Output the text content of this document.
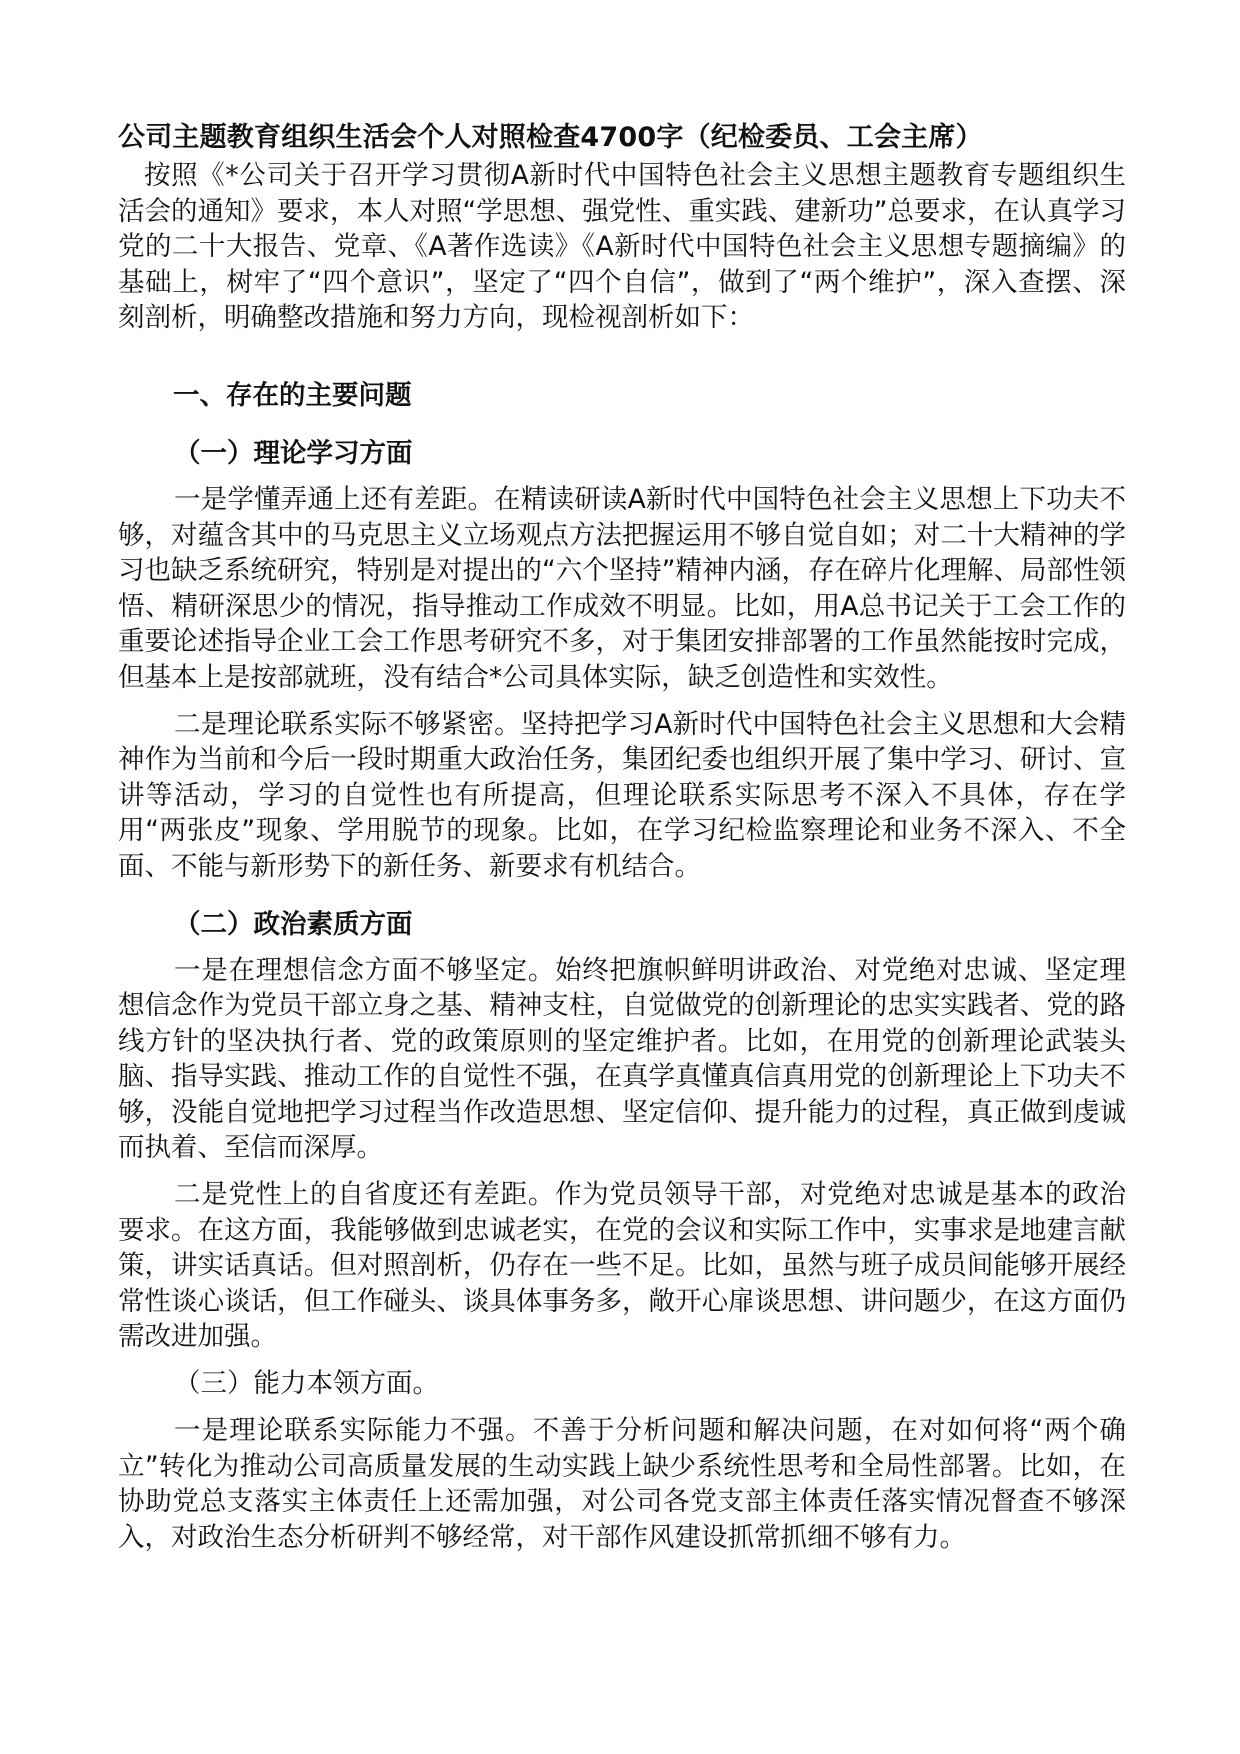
公司主题教育组织生活会个人对照检查4700字（纪检委员、工会主席）

按照《*公司关于召开学习贯彻A新时代中国特色社会主义思想主题教育专题组织生活会的通知》要求，本人对照“学思想、强党性、重实践、建新功”总要求，在认真学习党的二十大报告、党章、《A著作选读》《A新时代中国特色社会主义思想专题摘编》的基础上，树牢了“四个意识”，坚定了“四个自信”，做到了“两个维护”，深入查摆、深刻剖析，明确整改措施和努力方向，现检视剖析如下：

一、存在的主要问题

（一）理论学习方面

一是学懂弄通上还有差距。在精读研读A新时代中国特色社会主义思想上下功夫不够，对蕴含其中的马克思主义立场观点方法把握运用不够自觉自如；对二十大精神的学习也缺乏系统研究，特别是对提出的“六个坚持”精神内涵，存在碎片化理解、局部性领悟、精研深思少的情况，指导推动工作成效不明显。比如，用A总书记关于工会工作的重要论述指导企业工会工作思考研究不多，对于集团安排部署的工作虽然能按时完成，但基本上是按部就班，没有结合*公司具体实际，缺乏创造性和实效性。

二是理论联系实际不够紧密。坚持把学习A新时代中国特色社会主义思想和大会精神作为当前和今后一段时期重大政治任务，集团纪委也组织开展了集中学习、研讨、宣讲等活动，学习的自觉性也有所提高，但理论联系实际思考不深入不具体，存在学用“两张皮”现象、学用脱节的现象。比如，在学习纪检监察理论和业务不深入、不全面、不能与新形势下的新任务、新要求有机结合。

（二）政治素质方面

一是在理想信念方面不够坚定。始终把旗帜鲜明讲政治、对党绝对忠诚、坚定理想信念作为党员干部立身之基、精神支柱，自觉做党的创新理论的忠实实践者、党的路线方针的坚决执行者、党的政策原则的坚定维护者。比如，在用党的创新理论武装头脑、指导实践、推动工作的自觉性不强，在真学真懂真信真用党的创新理论上下功夫不够，没能自觉地把学习过程当作改造思想、坚定信仰、提升能力的过程，真正做到虔诚而执着、至信而深厚。

二是党性上的自省度还有差距。作为党员领导干部，对党绝对忠诚是基本的政治要求。在这方面，我能够做到忠诚老实，在党的会议和实际工作中，实事求是地建言献策，讲实话真话。但对照剖析，仍存在一些不足。比如，虽然与班子成员间能够开展经常性谈心谈话，但工作碰头、谈具体事务多，敞开心扉谈思想、讲问题少，在这方面仍需改进加强。

（三）能力本领方面。

一是理论联系实际能力不强。不善于分析问题和解决问题，在对如何将“两个确立”转化为推动公司高质量发展的生动实践上缺少系统性思考和全局性部署。比如，在协助党总支落实主体责任上还需加强，对公司各党支部主体责任落实情况督查不够深入，对政治生态分析研判不够经常，对干部作风建设抓常抓细不够有力。
